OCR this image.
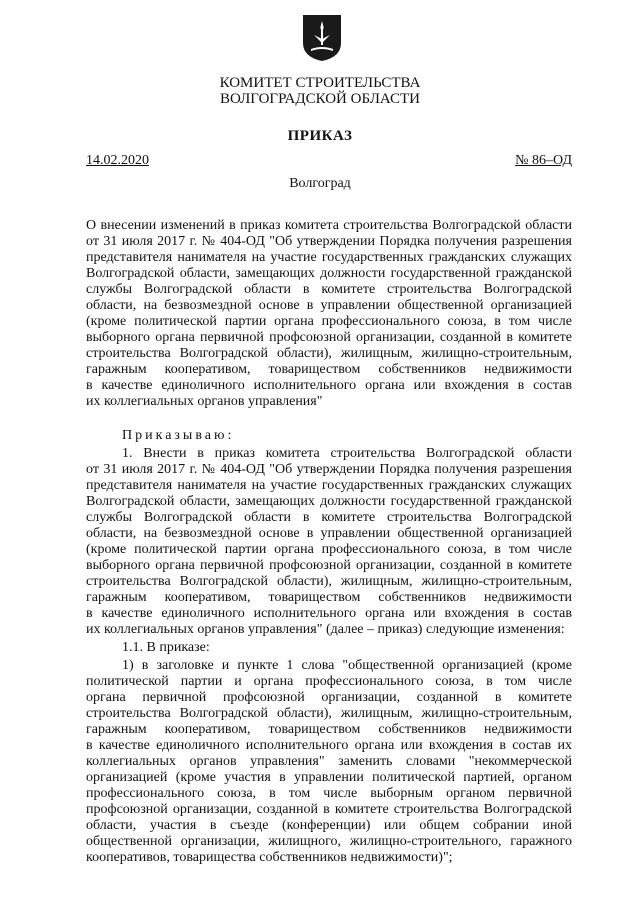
КОМИТЕТ СТРОИТЕЛЬСТВА
ВОЛГОГРАДСКОЙ ОБЛАСТИ
ПРИКАЗ
14.02.2020	№ 86–ОД
Волгоград
О внесении изменений в приказ комитета строительства Волгоградской области
от 31 июля 2017 г. № 404-ОД "Об утверждении Порядка получения разрешения
представителя нанимателя на участие государственных гражданских служащих
Волгоградской области, замещающих должности государственной гражданской
службы Волгоградской области в комитете строительства Волгоградской
области, на безвозмездной основе в управлении общественной организацией
(кроме политической партии органа профессионального союза, в том числе
выборного органа первичной профсоюзной организации, созданной в комитете
строительства Волгоградской области), жилищным, жилищно-строительным,
гаражным кооперативом, товариществом собственников недвижимости
в качестве единоличного исполнительного органа или вхождения в состав
их коллегиальных органов управления"
Приказываю:
1. Внести в приказ комитета строительства Волгоградской области
от 31 июля 2017 г. № 404-ОД "Об утверждении Порядка получения разрешения
представителя нанимателя на участие государственных гражданских служащих
Волгоградской области, замещающих должности государственной гражданской
службы Волгоградской области в комитете строительства Волгоградской
области, на безвозмездной основе в управлении общественной организацией
(кроме политической партии органа профессионального союза, в том числе
выборного органа первичной профсоюзной организации, созданной в комитете
строительства Волгоградской области), жилищным, жилищно-строительным,
гаражным кооперативом, товариществом собственников недвижимости
в качестве единоличного исполнительного органа или вхождения в состав
их коллегиальных органов управления" (далее – приказ) следующие изменения:
1.1. В приказе:
1) в заголовке и пункте 1 слова "общественной организацией (кроме
политической партии и органа профессионального союза, в том числе
органа первичной профсоюзной организации, созданной в комитете
строительства Волгоградской области), жилищным, жилищно-строительным,
гаражным кооперативом, товариществом собственников недвижимости
в качестве единоличного исполнительного органа или вхождения в состав их
коллегиальных органов управления" заменить словами "некоммерческой
организацией (кроме участия в управлении политической партией, органом
профессионального союза, в том числе выборным органом первичной
профсоюзной организации, созданной в комитете строительства Волгоградской
области, участия в съезде (конференции) или общем собрании иной
общественной организации, жилищного, жилищно-строительного, гаражного
кооперативов, товарищества собственников недвижимости)";
